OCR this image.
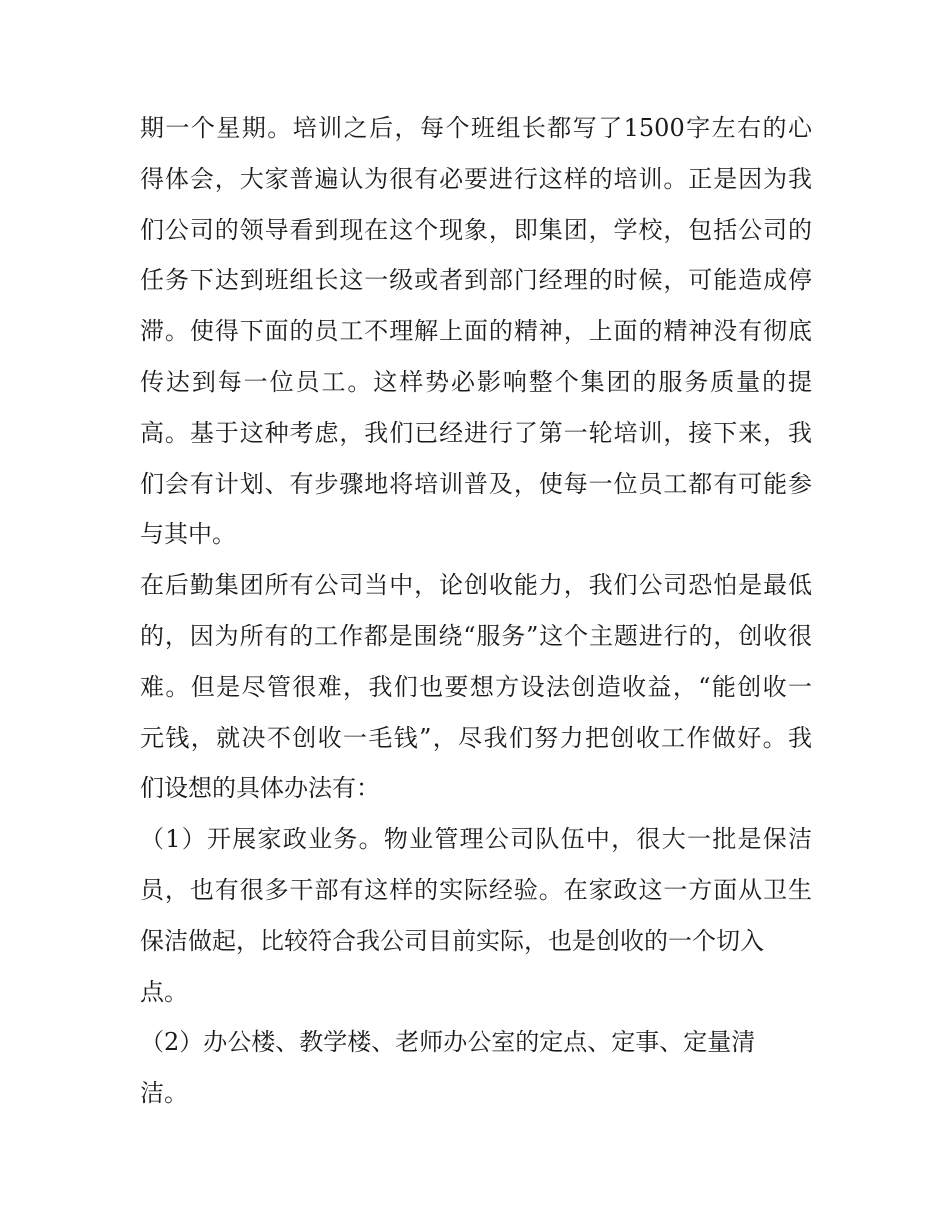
期一个星期。培训之后，每个班组长都写了1500字左右的心
得体会，大家普遍认为很有必要进行这样的培训。正是因为我
们公司的领导看到现在这个现象，即集团，学校，包括公司的
任务下达到班组长这一级或者到部门经理的时候，可能造成停
滞。使得下面的员工不理解上面的精神，上面的精神没有彻底
传达到每一位员工。这样势必影响整个集团的服务质量的提
高。基于这种考虑，我们已经进行了第一轮培训，接下来，我
们会有计划、有步骤地将培训普及，使每一位员工都有可能参
与其中。
在后勤集团所有公司当中，论创收能力，我们公司恐怕是最低
的，因为所有的工作都是围绕“服务”这个主题进行的，创收很
难。但是尽管很难，我们也要想方设法创造收益，“能创收一
元钱，就决不创收一毛钱”，尽我们努力把创收工作做好。我
们设想的具体办法有：
（1）开展家政业务。物业管理公司队伍中，很大一批是保洁
员，也有很多干部有这样的实际经验。在家政这一方面从卫生
保洁做起，比较符合我公司目前实际，也是创收的一个切入
点。
（2）办公楼、教学楼、老师办公室的定点、定事、定量清
洁。
